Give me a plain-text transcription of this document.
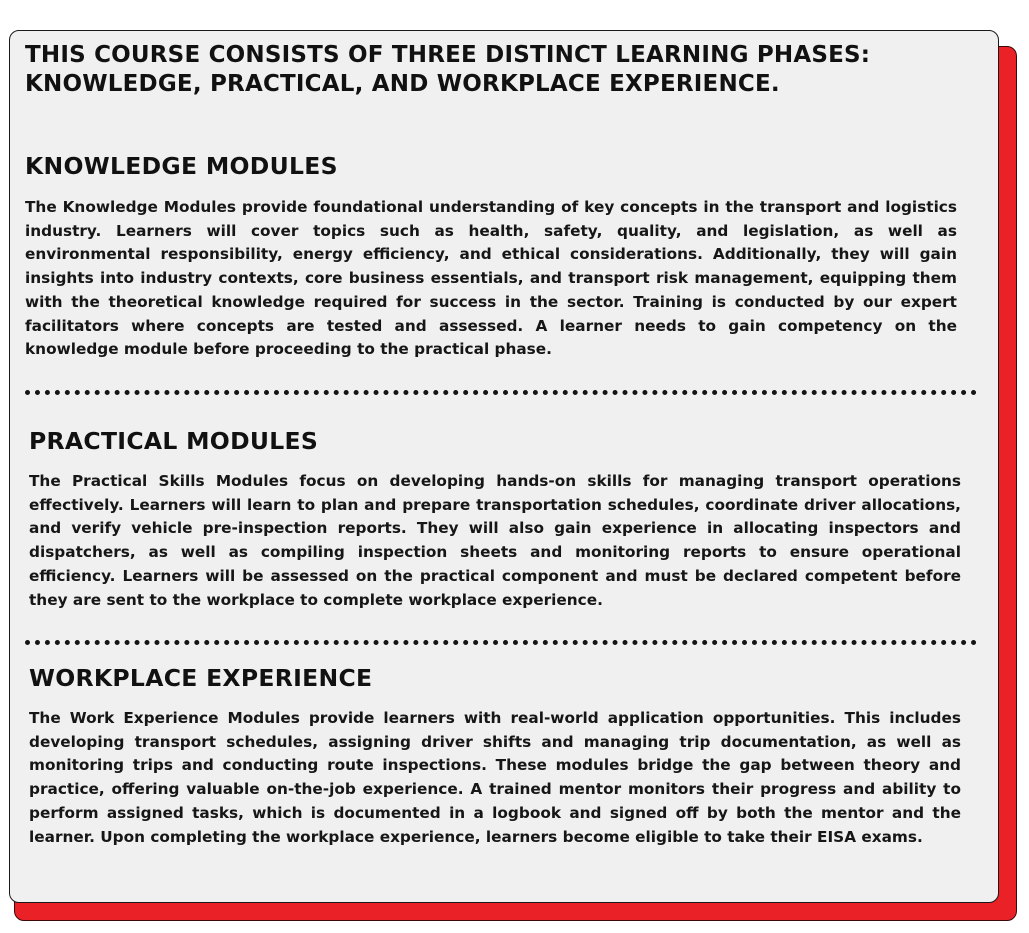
THIS COURSE CONSISTS OF THREE DISTINCT LEARNING PHASES: KNOWLEDGE, PRACTICAL, AND WORKPLACE EXPERIENCE.
KNOWLEDGE MODULES

The Knowledge Modules provide foundational understanding of key concepts in the transport and logistics industry. Learners will cover topics such as health, safety, quality, and legislation, as well as environmental responsibility, energy efficiency, and ethical considerations. Additionally, they will gain insights into industry contexts, core business essentials, and transport risk management, equipping them with the theoretical knowledge required for success in the sector. Training is conducted by our expert facilitators where concepts are tested and assessed. A learner needs to gain competency on the knowledge module before proceeding to the practical phase.

PRACTICAL MODULES

The Practical Skills Modules focus on developing hands-on skills for managing transport operations effectively. Learners will learn to plan and prepare transportation schedules, coordinate driver allocations, and verify vehicle pre-inspection reports. They will also gain experience in allocating inspectors and dispatchers, as well as compiling inspection sheets and monitoring reports to ensure operational efficiency. Learners will be assessed on the practical component and must be declared competent before they are sent to the workplace to complete workplace experience.

WORKPLACE EXPERIENCE

The Work Experience Modules provide learners with real-world application opportunities. This includes developing transport schedules, assigning driver shifts and managing trip documentation, as well as monitoring trips and conducting route inspections. These modules bridge the gap between theory and practice, offering valuable on-the-job experience. A trained mentor monitors their progress and ability to perform assigned tasks, which is documented in a logbook and signed off by both the mentor and the learner. Upon completing the workplace experience, learners become eligible to take their EISA exams.
